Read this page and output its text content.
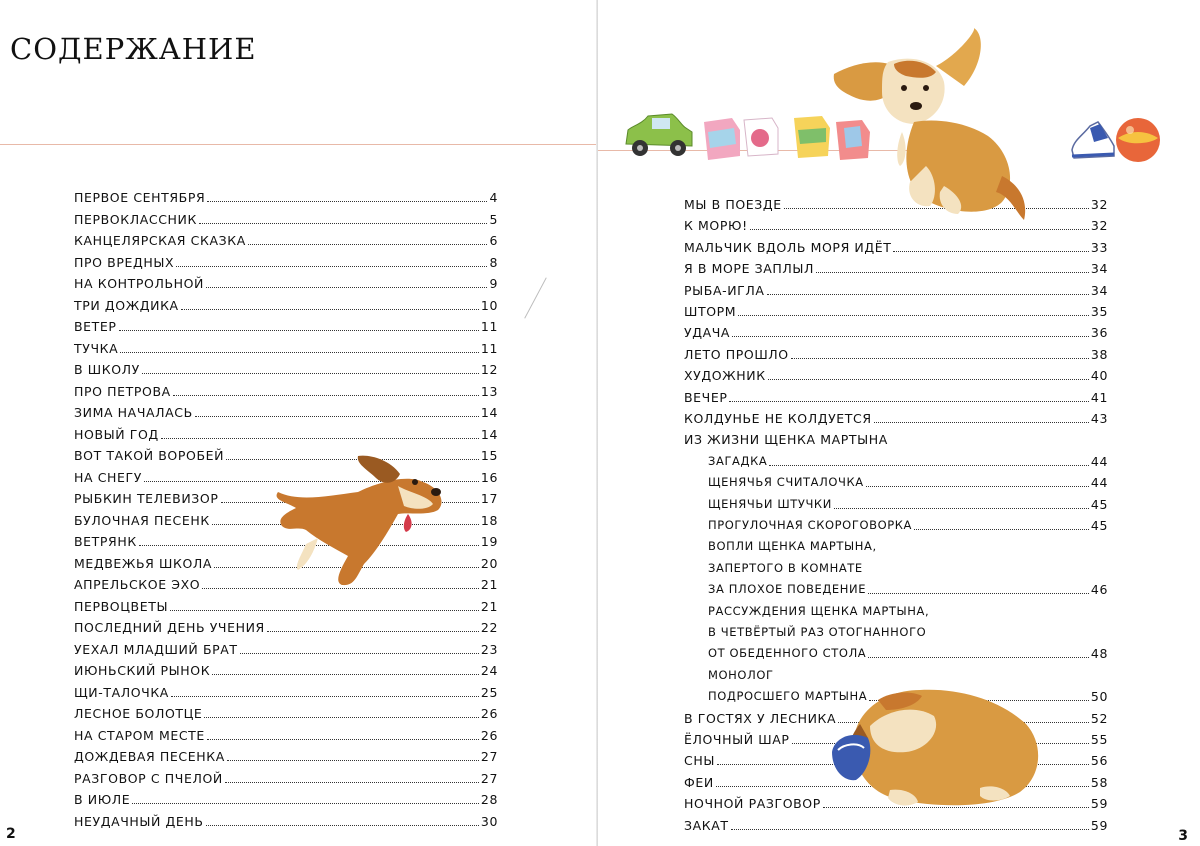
СОДЕРЖАНИЕ
ПЕРВОЕ СЕНТЯБРЯ	4
ПЕРВОКЛАССНИК	5
КАНЦЕЛЯРСКАЯ СКАЗКА	6
ПРО ВРЕДНЫХ	8
НА КОНТРОЛЬНОЙ	9
ТРИ ДОЖДИКА	10
ВЕТЕР	11
ТУЧКА	11
В ШКОЛУ	12
ПРО ПЕТРОВА	13
ЗИМА НАЧАЛАСЬ	14
НОВЫЙ ГОД	14
ВОТ ТАКОЙ ВОРОБЕЙ	15
НА СНЕГУ	16
РЫБКИН ТЕЛЕВИЗОР	17
БУЛОЧНАЯ ПЕСЕНК	18
ВЕТРЯНК	19
МЕДВЕЖЬЯ ШКОЛА	20
АПРЕЛЬСКОЕ ЭХО	21
ПЕРВОЦВЕТЫ	21
ПОСЛЕДНИЙ ДЕНЬ УЧЕНИЯ	22
УЕХАЛ МЛАДШИЙ БРАТ	23
ИЮНЬСКИЙ РЫНОК	24
ЩИ-ТАЛОЧКА	25
ЛЕСНОЕ БОЛОТЦЕ	26
НА СТАРОМ МЕСТЕ	26
ДОЖДЕВАЯ ПЕСЕНКА	27
РАЗГОВОР С ПЧЕЛОЙ	27
В ИЮЛЕ	28
НЕУДАЧНЫЙ ДЕНЬ	30
2
МЫ В ПОЕЗДЕ	32
К МОРЮ!	32
МАЛЬЧИК ВДОЛЬ МОРЯ ИДЁТ	33
Я В МОРЕ ЗАПЛЫЛ	34
РЫБА-ИГЛА	34
ШТОРМ	35
УДАЧА	36
ЛЕТО ПРОШЛО	38
ХУДОЖНИК	40
ВЕЧЕР	41
КОЛДУНЬЕ НЕ КОЛДУЕТСЯ	43
ИЗ ЖИЗНИ ЩЕНКА МАРТЫНА
ЗАГАДКА	44
ЩЕНЯЧЬЯ СЧИТАЛОЧКА	44
ЩЕНЯЧЬИ ШТУЧКИ	45
ПРОГУЛОЧНАЯ СКОРОГОВОРКА	45
ВОПЛИ ЩЕНКА МАРТЫНА,
ЗАПЕРТОГО В КОМНАТЕ
ЗА ПЛОХОЕ ПОВЕДЕНИЕ	46
РАССУЖДЕНИЯ ЩЕНКА МАРТЫНА,
В ЧЕТВЁРТЫЙ РАЗ ОТОГНАННОГО
ОТ ОБЕДЕННОГО СТОЛА	48
МОНОЛОГ
ПОДРОСШЕГО МАРТЫНА	50
В ГОСТЯХ У ЛЕСНИКА	52
ЁЛОЧНЫЙ ШАР	55
СНЫ	56
ФЕИ	58
НОЧНОЙ РАЗГОВОР	59
ЗАКАТ	59
3
